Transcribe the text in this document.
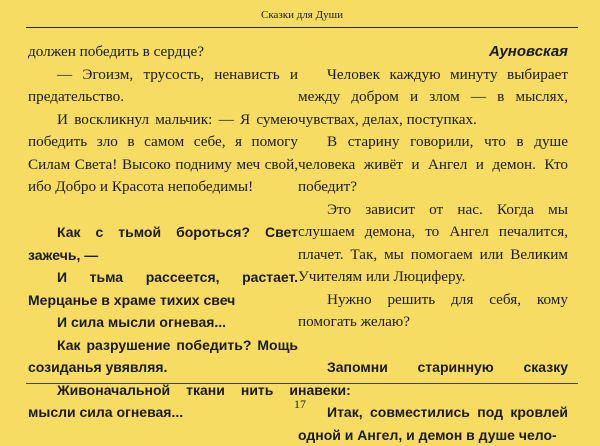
Сказки для Души

должен победить в сердце?

— Эгоизм, трусость, ненависть и предательство.

И воскликнул мальчик: — Я сумею победить зло в самом себе, я помогу Силам Света! Высоко подниму меч свой, ибо Добро и Красота непобедимы!

Как с тьмой бороться? Свет зажечь, —

И тьма рассеется, растает. Мерцанье в храме тихих свеч

И сила мысли огневая...

Как разрушение победить? Мощь созиданья увявляя.

Живоначальной ткани нить и мысли сила огневая...

Ауновская

Человек каждую минуту выбирает между добром и злом — в мыслях, чувствах, делах, поступках.

В старину говорили, что в душе человека живёт и Ангел и демон. Кто победит?

Это зависит от нас. Когда мы слушаем демона, то Ангел печалится, плачет. Так, мы помогаем или Великим Учителям или Люциферу.

Нужно решить для себя, кому помогать желаю?

Запомни старинную сказку навеки:

Итак, совместились под кровлей одной и Ангел, и демон в душе чело-

17
